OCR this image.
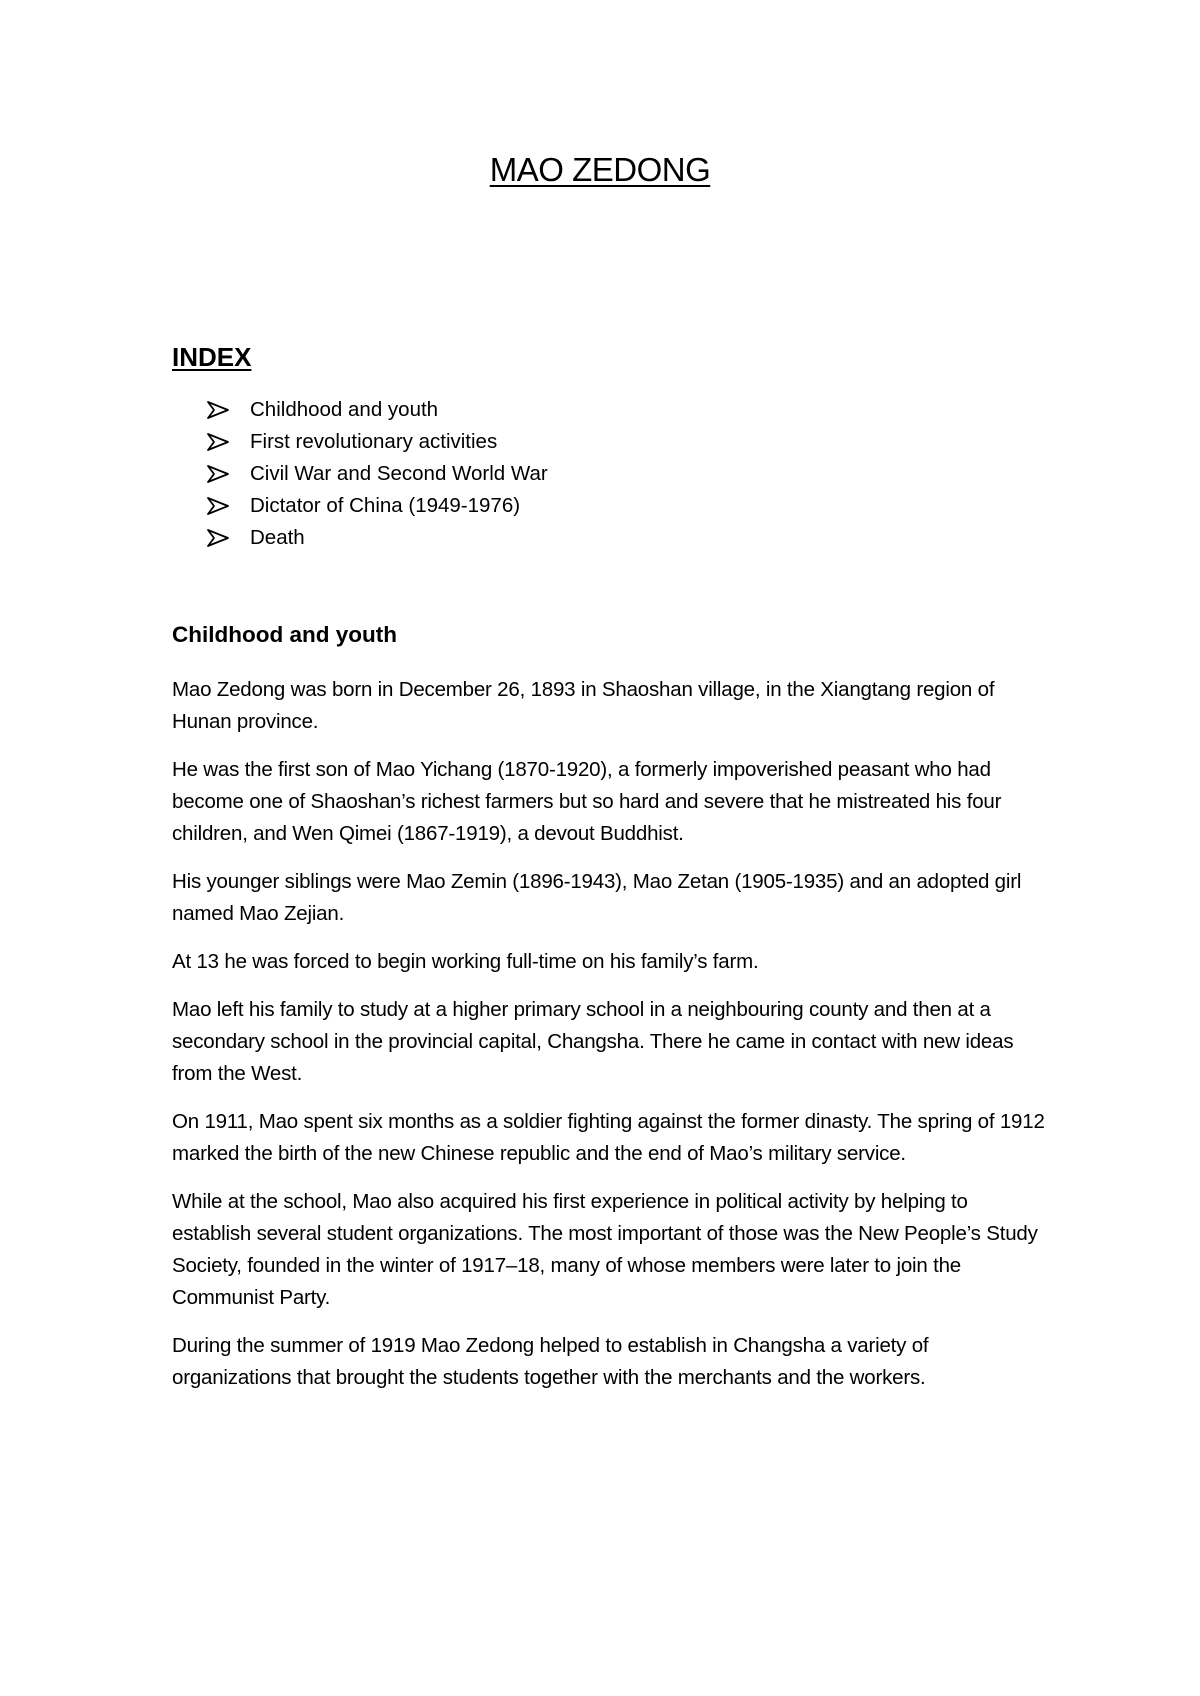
MAO ZEDONG
INDEX
Childhood and youth
First revolutionary activities
Civil War and Second World War
Dictator of China (1949-1976)
Death
Childhood and youth

Mao Zedong was born in December 26, 1893 in Shaoshan village, in the Xiangtang region of Hunan province.

He was the first son of Mao Yichang (1870-1920), a formerly impoverished peasant who had become one of Shaoshan’s richest farmers but so hard and severe that he mistreated his four children, and Wen Qimei (1867-1919), a devout Buddhist.

His younger siblings were Mao Zemin (1896-1943), Mao Zetan (1905-1935) and an adopted girl named Mao Zejian.

At 13 he was forced to begin working full-time on his family’s farm.

Mao left his family to study at a higher primary school in a neighbouring county and then at a secondary school in the provincial capital, Changsha. There he came in contact with new ideas from the West.

On 1911, Mao spent six months as a soldier fighting against the former dinasty. The spring of 1912 marked the birth of the new Chinese republic and the end of Mao’s military service.

While at the school, Mao also acquired his first experience in political activity by helping to establish several student organizations. The most important of those was the New People’s Study Society, founded in the winter of 1917–18, many of whose members were later to join the Communist Party.

During the summer of 1919 Mao Zedong helped to establish in Changsha a variety of organizations that brought the students together with the merchants and the workers.
